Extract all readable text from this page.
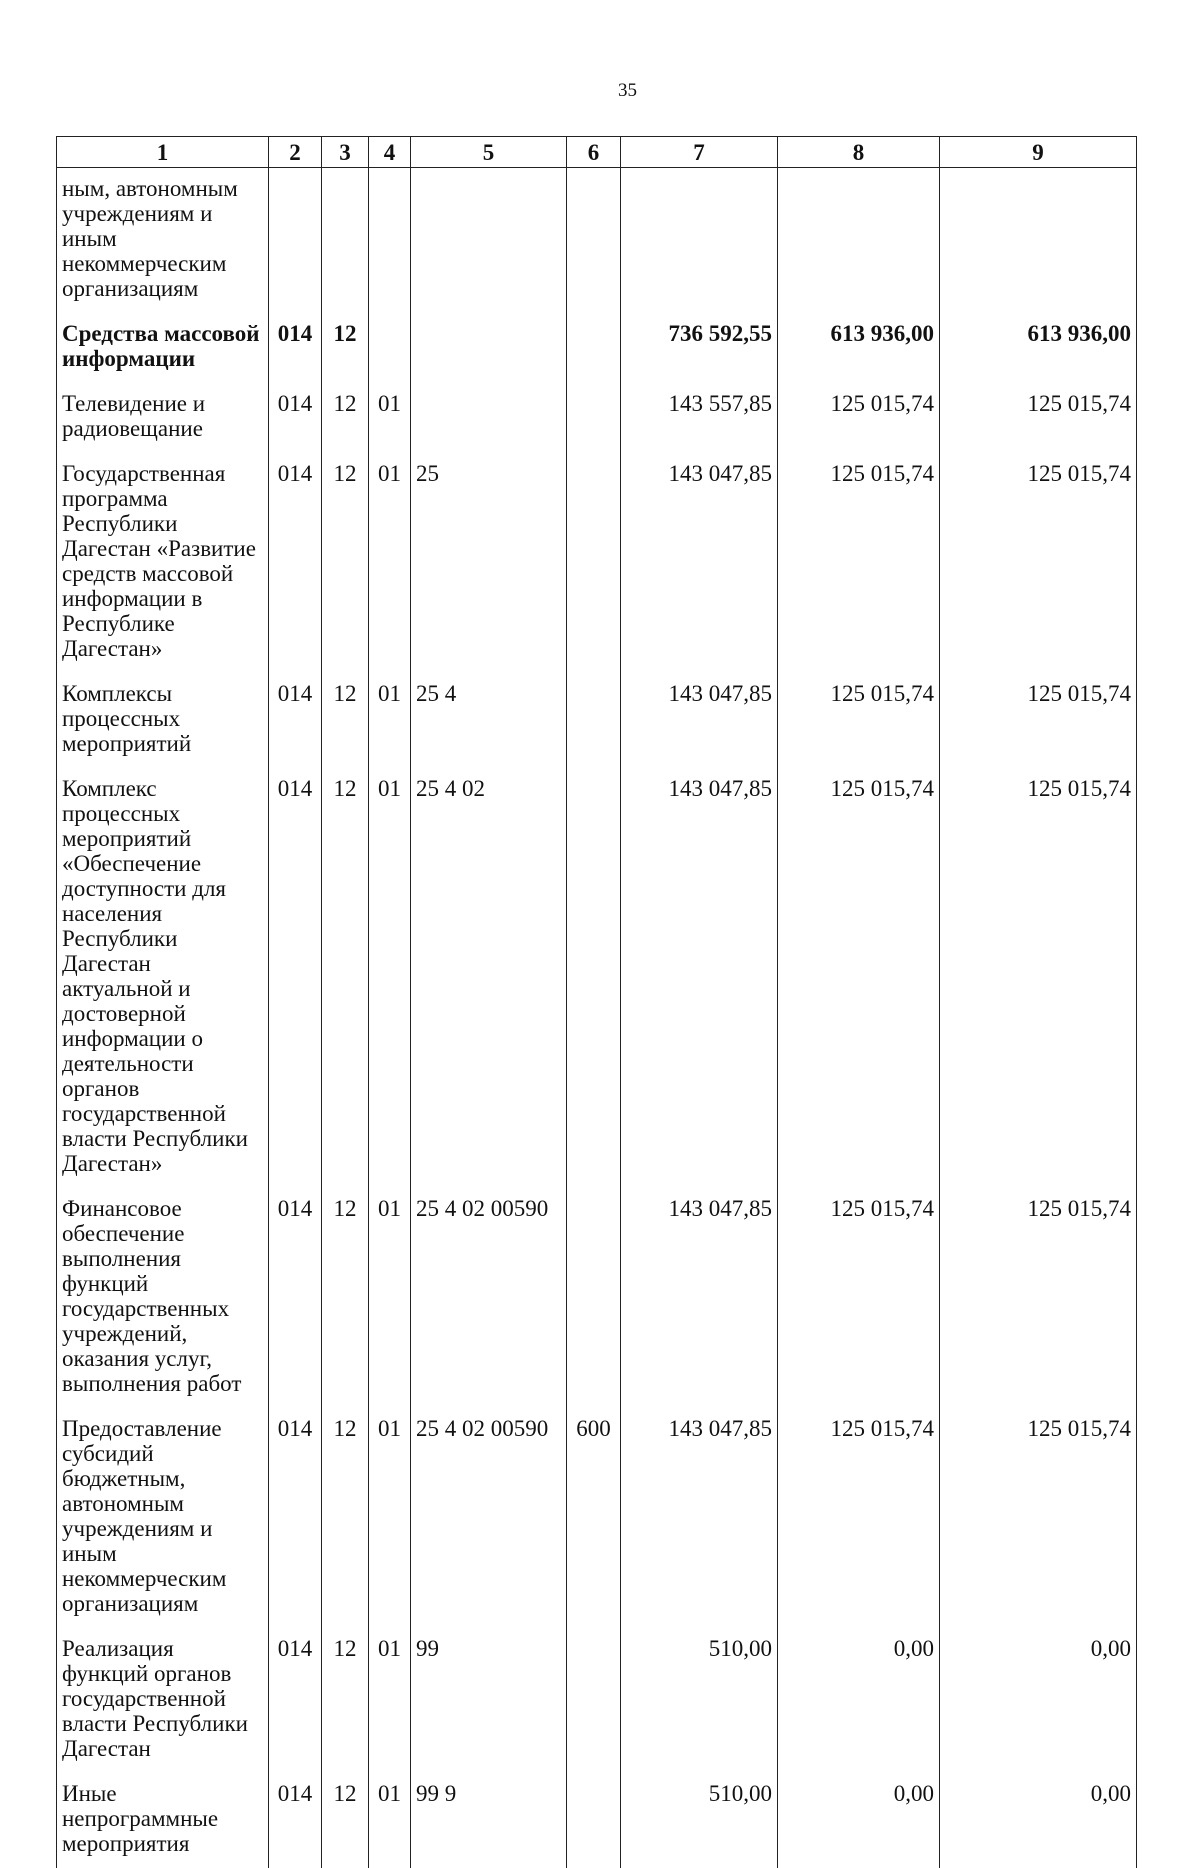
35
1	2	3	4	5	6	7	8	9
ным, автономным учреждениям и иным некоммерческим организациям								
Средства массовой информации	014	12				736 592,55	613 936,00	613 936,00
Телевидение и радиовещание	014	12	01			143 557,85	125 015,74	125 015,74
Государственная программа Республики Дагестан «Развитие средств массовой информации в Республике Дагестан»	014	12	01	25		143 047,85	125 015,74	125 015,74
Комплексы процессных мероприятий	014	12	01	25 4		143 047,85	125 015,74	125 015,74
Комплекс процессных мероприятий «Обеспечение доступности для населения Республики Дагестан актуальной и достоверной информации о деятельности органов государственной власти Республики Дагестан»	014	12	01	25 4 02		143 047,85	125 015,74	125 015,74
Финансовое обеспечение выполнения функций государственных учреждений, оказания услуг, выполнения работ	014	12	01	25 4 02 00590		143 047,85	125 015,74	125 015,74
Предоставление субсидий бюджетным, автономным учреждениям и иным некоммерческим организациям	014	12	01	25 4 02 00590	600	143 047,85	125 015,74	125 015,74
Реализация функций органов государственной власти Республики Дагестан	014	12	01	99		510,00	0,00	0,00
Иные непрограммные мероприятия	014	12	01	99 9		510,00	0,00	0,00
